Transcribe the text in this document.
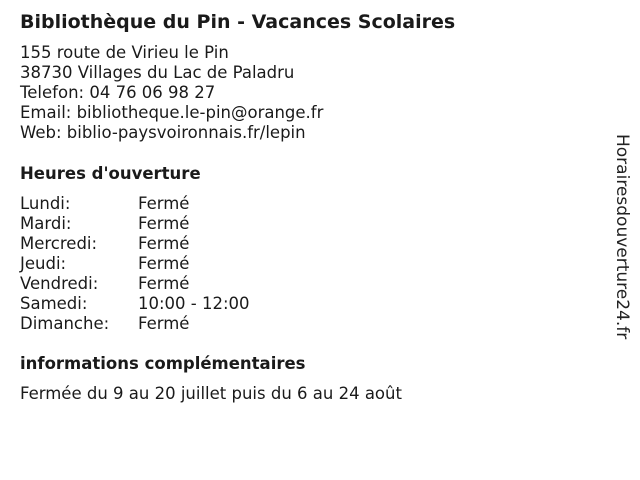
Bibliothèque du Pin - Vacances Scolaires
155 route de Virieu le Pin
38730 Villages du Lac de Paladru
Telefon: 04 76 06 98 27
Email: bibliotheque.le-pin@orange.fr
Web: biblio-paysvoironnais.fr/lepin
Heures d'ouverture
Lundi:	Fermé
Mardi:	Fermé
Mercredi:	Fermé
Jeudi:	Fermé
Vendredi:	Fermé
Samedi:	10:00 - 12:00
Dimanche:	Fermé
informations complémentaires
Fermée du 9 au 20 juillet puis du 6 au 24 août
Horairesdouverture24.fr
